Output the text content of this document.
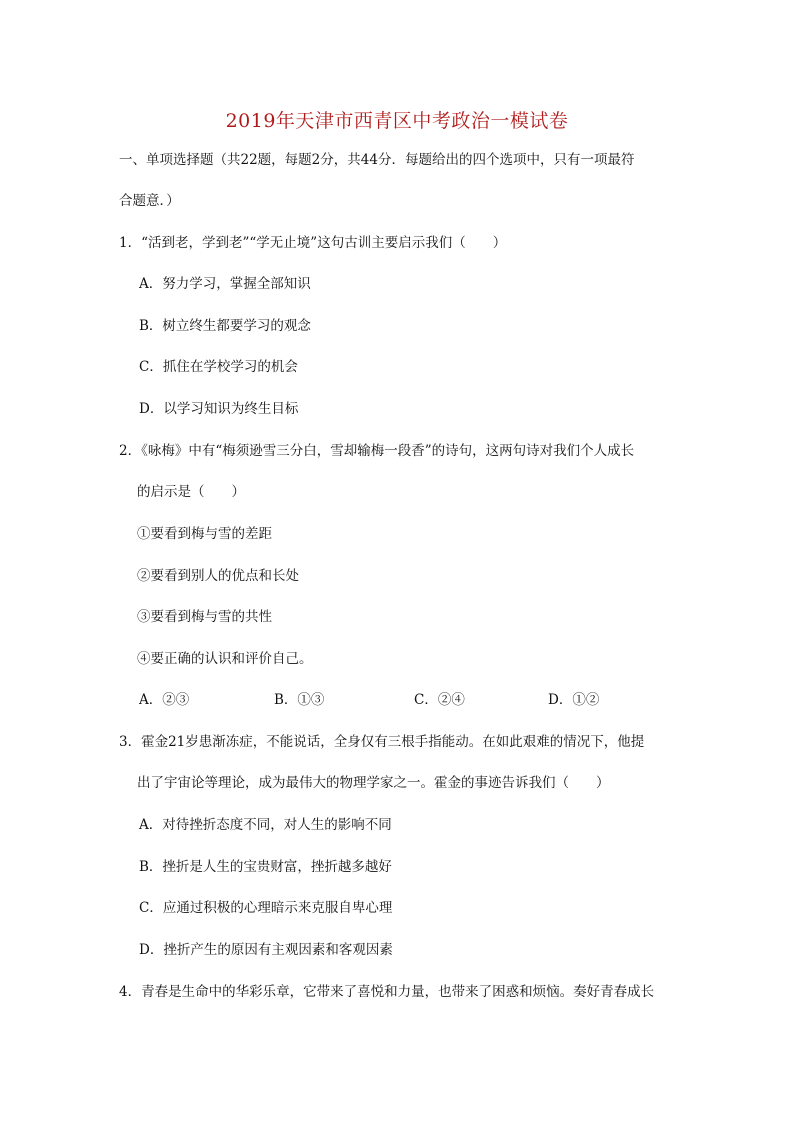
2019年天津市西青区中考政治一模试卷
一、单项选择题（共22题，每题2分，共44分．每题给出的四个选项中，只有一项最符
合题意．）
1．“活到老，学到老”“学无止境”这句古训主要启示我们（　　）
A．努力学习，掌握全部知识
B．树立终生都要学习的观念
C．抓住在学校学习的机会
D．以学习知识为终生目标
2．《咏梅》中有“梅须逊雪三分白，雪却输梅一段香”的诗句，这两句诗对我们个人成长
的启示是（　　）
①要看到梅与雪的差距
②要看到别人的优点和长处
③要看到梅与雪的共性
④要正确的认识和评价自己。
A．②③	B．①③	C．②④	D．①②
3．霍金21岁患渐冻症，不能说话，全身仅有三根手指能动。在如此艰难的情况下，他提
出了宇宙论等理论，成为最伟大的物理学家之一。霍金的事迹告诉我们（　　）
A．对待挫折态度不同，对人生的影响不同
B．挫折是人生的宝贵财富，挫折越多越好
C．应通过积极的心理暗示来克服自卑心理
D．挫折产生的原因有主观因素和客观因素
4．青春是生命中的华彩乐章，它带来了喜悦和力量，也带来了困惑和烦恼。奏好青春成长
